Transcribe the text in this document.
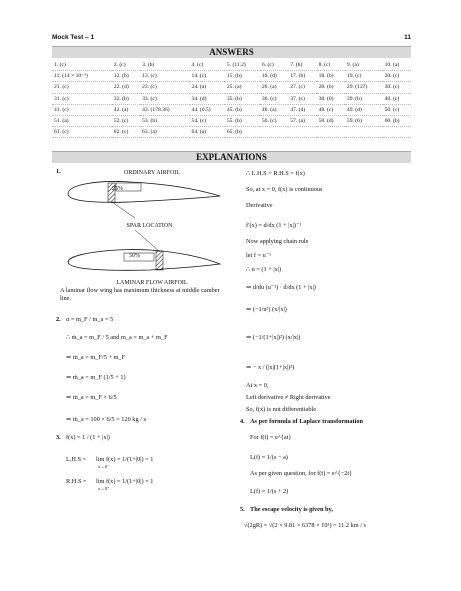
Mock Test – 1	11
ANSWERS
1. (c)	2. (c)	3. (b)	4. (c)	5. (11.2)	6. (c)	7. (b)	8. (c)	9. (a)	10. (a)
11. (14 × 10⁻³)	12. (b)	13. (c)	14. (c)	15. (b)	16. (d)	17. (b)	18. (b)	19. (c)	20. (c)
21. (c)	22. (d)	23. (c)	24. (a)	25. (a)	26. (a)	27. (c)	28. (b)	29. (127)	30. (c)
31. (c)	32. (b)	33. (c)	34. (d)	35. (b)	36. (c)	37. (c)	38. (0)	39. (b)	40. (c)
41. (c)	42. (a)	43. (178.36)	44. (0.5)	45. (b)	46. (a)	47. (d)	48. (c)	49. (d)	50. (c)
51. (a)	52. (c)	53. (b)	54. (c)	55. (b)	56. (c)	57. (a)	58. (d)	59. (6)	60. (b)
61. (c)	62. (c)	63. (a)	64. (a)	65. (b)					
EXPLANATIONS
1.	ORDINARY AIRFOIL
25%
SPAR LOCATION
50%
LAMINAR FLOW AIRFOIL
A laminar flow wing has maximum thickness at middle camber line.
2. α = m_F / m_a = 5
∴ ṁ_a = m_F / 5 and m_a = m_a + m_F
⇒ ṁ_a = m_F/5 + m_F
⇒ ṁ_a = m_F (1/5 + 1)
⇒ ṁ_a = m_F × 6/5
⇒ ṁ_a = 100 × 6/5 = 120 kg / s
3. f(x) = 1 / (1 + |x|)
L.H.S = lim f(x) = 1/(1+|0|) = 1
x→0⁻
R.H.S = lim f(x) = 1/(1+|0|) = 1
x→0⁺
∴ L.H.S = R.H.S = f(x)
So, at x = 0, f(x) is continuous
Derivative
f′(x) = d/dx (1 + |x|)⁻¹
Now applying chain rule
let f = u⁻¹
∴ u = (1 + |x|)
⇒ d/du (u⁻¹) · d/dx (1 + |x|)
⇒ (−1/u²) (x/|x|)
⇒ (−1/(1+|x|)²) (x/|x|)
⇒ − x / (|x|(1+|x|)²)
At x = 0,
Left derivative ≠ Right derivative
So, f(x) is not differentiable
4. As per formula of Laplace transformation
For f(t) = e^{at}
L(f) = 1/(s − a)
As per given question, for f(t) = e^{−2t}
L(f) = 1/(s + 2)
5. The escape velocity is given by,
√(2gR) = √(2 × 9.81 × 6378 × 10³) = 11.2 km / s
